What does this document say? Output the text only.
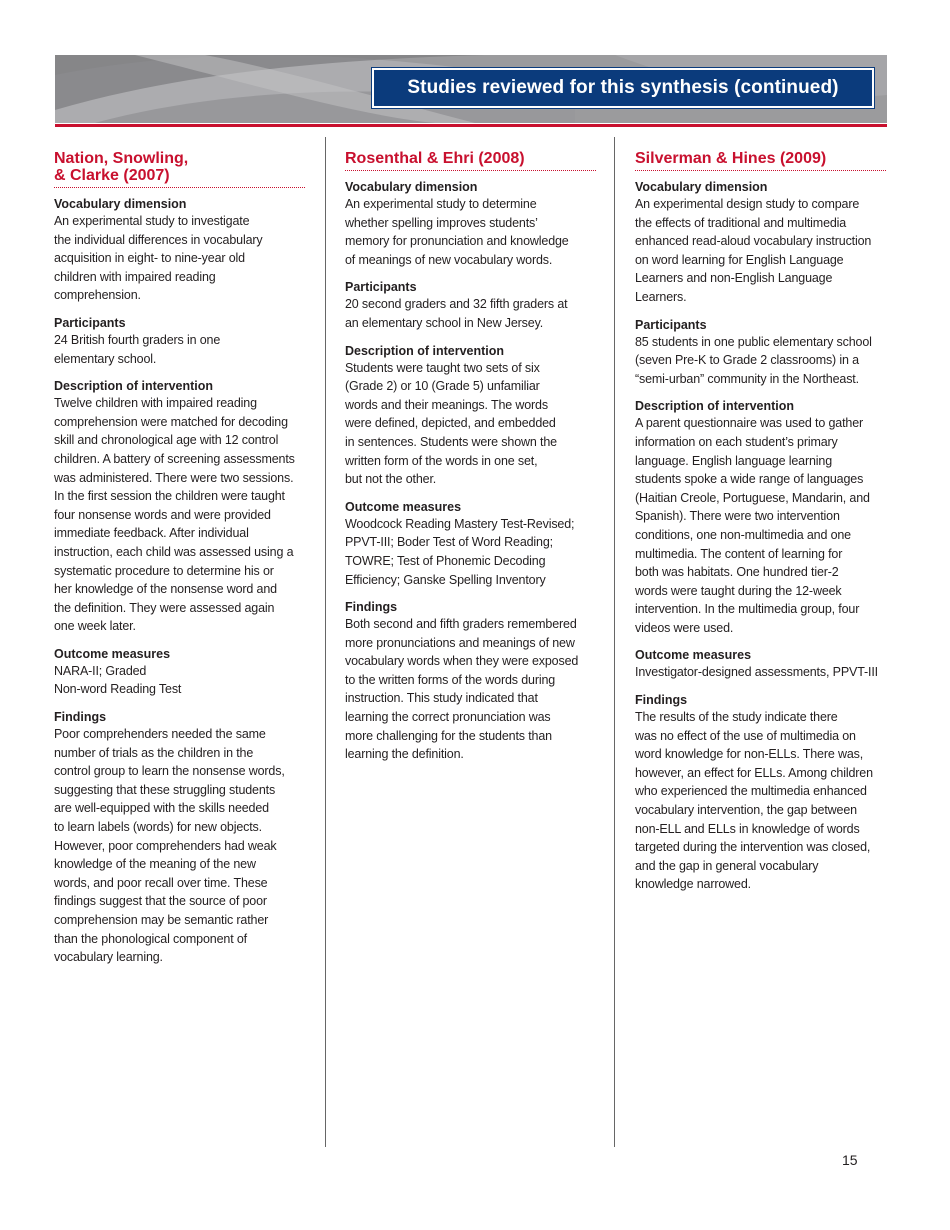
Studies reviewed for this synthesis (continued)
Nation, Snowling,
& Clarke (2007)
Vocabulary dimension

An experimental study to investigate
the individual differences in vocabulary
acquisition in eight- to nine-year old
children with impaired reading
comprehension.

Participants

24 British fourth graders in one
elementary school.

Description of intervention

Twelve children with impaired reading
comprehension were matched for decoding
skill and chronological age with 12 control
children. A battery of screening assessments
was administered. There were two sessions.
In the first session the children were taught
four nonsense words and were provided
immediate feedback. After individual
instruction, each child was assessed using a
systematic procedure to determine his or
her knowledge of the nonsense word and
the definition. They were assessed again
one week later.

Outcome measures

NARA-II; Graded
Non-word Reading Test

Findings

Poor comprehenders needed the same
number of trials as the children in the
control group to learn the nonsense words,
suggesting that these struggling students
are well-equipped with the skills needed
to learn labels (words) for new objects.
However, poor comprehenders had weak
knowledge of the meaning of the new
words, and poor recall over time. These
findings suggest that the source of poor
comprehension may be semantic rather
than the phonological component of
vocabulary learning.

Rosenthal & Ehri (2008)
Vocabulary dimension

An experimental study to determine
whether spelling improves students’
memory for pronunciation and knowledge
of meanings of new vocabulary words.

Participants

20 second graders and 32 fifth graders at
an elementary school in New Jersey.

Description of intervention

Students were taught two sets of six
(Grade 2) or 10 (Grade 5) unfamiliar
words and their meanings. The words
were defined, depicted, and embedded
in sentences. Students were shown the
written form of the words in one set,
but not the other.

Outcome measures

Woodcock Reading Mastery Test-Revised;
PPVT-III; Boder Test of Word Reading;
TOWRE; Test of Phonemic Decoding
Efficiency; Ganske Spelling Inventory

Findings

Both second and fifth graders remembered
more pronunciations and meanings of new
vocabulary words when they were exposed
to the written forms of the words during
instruction. This study indicated that
learning the correct pronunciation was
more challenging for the students than
learning the definition.

Silverman & Hines (2009)
Vocabulary dimension

An experimental design study to compare
the effects of traditional and multimedia
enhanced read-aloud vocabulary instruction
on word learning for English Language
Learners and non-English Language
Learners.

Participants

85 students in one public elementary school
(seven Pre-K to Grade 2 classrooms) in a
“semi-urban” community in the Northeast.

Description of intervention

A parent questionnaire was used to gather
information on each student’s primary
language. English language learning
students spoke a wide range of languages
(Haitian Creole, Portuguese, Mandarin, and
Spanish). There were two intervention
conditions, one non-multimedia and one
multimedia. The content of learning for
both was habitats. One hundred tier-2
words were taught during the 12-week
intervention. In the multimedia group, four
videos were used.

Outcome measures

Investigator-designed assessments, PPVT-III

Findings

The results of the study indicate there
was no effect of the use of multimedia on
word knowledge for non-ELLs. There was,
however, an effect for ELLs. Among children
who experienced the multimedia enhanced
vocabulary intervention, the gap between
non-ELL and ELLs in knowledge of words
targeted during the intervention was closed,
and the gap in general vocabulary
knowledge narrowed.

15
